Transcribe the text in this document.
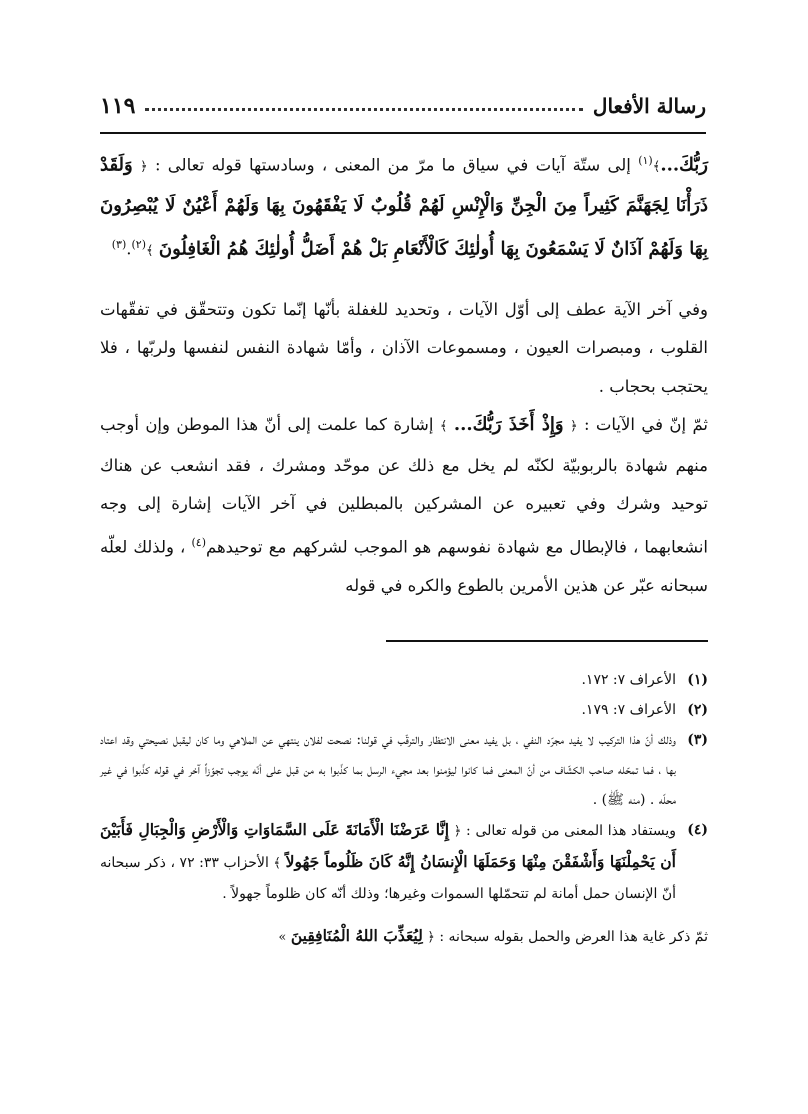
رسالة الأفعال
١١٩

رَبُّكَ...﴾$^{(١)}$ إلى ستّة آيات في سياق ما مرّ من المعنى ، وسادستها قوله تعالى : ﴿ وَلَقَدْ ذَرَأْنَا لِجَهَنَّمَ كَثِيراً مِنَ الْجِنِّ وَالْإِنْسِ لَهُمْ قُلُوبٌ لَا يَفْقَهُونَ بِهَا وَلَهُمْ أَعْيُنٌ لَا يُبْصِرُونَ بِهَا وَلَهُمْ آذَانٌ لَا يَسْمَعُونَ بِهَا أُولٰئِكَ كَالْأَنْعَامِ بَلْ هُمْ أَضَلُّ أُولٰئِكَ هُمُ الْغَافِلُونَ ﴾$^{(٢)}$.$^{(٣)}$

وفي آخر الآية عطف إلى أوّل الآيات ، وتحديد للغفلة بأنّها إنّما تكون وتتحقّق في تفقّهات القلوب ، ومبصرات العيون ، ومسموعات الآذان ، وأمّا شهادة النفس لنفسها ولربّها ، فلا يحتجب بحجاب .

ثمّ إنّ في الآيات : ﴿ وَإِذْ أَخَذَ رَبُّكَ... ﴾ إشارة كما علمت إلى أنّ هذا الموطن وإن أوجب منهم شهادة بالربوبيّة لكنّه لم يخل مع ذلك عن موحّد ومشرك ، فقد انشعب عن هناك توحيد وشرك وفي تعبيره عن المشركين بالمبطلين في آخر الآيات إشارة إلى وجه انشعابهما ، فالإبطال مع شهادة نفوسهم هو الموجب لشركهم مع توحيدهم$^{(٤)}$ ، ولذلك لعلّه سبحانه عبّر عن هذين الأمرين بالطوع والكره في قوله

(١)
الأعراف ٧: ١٧٢.
(٢)
الأعراف ٧: ١٧٩.
(٣)
وذلك أنّ هذا التركيب لا يفيد مجرّد النفي ، بل يفيد معنى الانتظار والترقّب في قولنا: نصحت لفلان ينتهي عن الملاهي وما كان ليقبل نصيحتي وقد اعتاد بها ، فما تمحّله صاحب الكشّاف من أنّ المعنى فما كانوا ليؤمنوا بعد مجيء الرسل بما كذّبوا به من قبل على أنّه يوجب تجوّزاً آخر في قوله كذّبوا في غير محلّه . (منه ﷺ) .
(٤)
ويستفاد هذا المعنى من قوله تعالى : ﴿ إِنَّا عَرَضْنَا الْأَمَانَةَ عَلَى السَّمَاوَاتِ وَالْأَرْضِ وَالْجِبَالِ فَأَبَيْنَ أَن يَحْمِلْنَهَا وَأَشْفَقْنَ مِنْهَا وَحَمَلَهَا الْإِنسَانُ إِنَّهُ كَانَ ظَلُوماً جَهُولاً ﴾ الأحزاب ٣٣: ٧٢ ، ذكر سبحانه أنّ الإنسان حمل أمانة لم تتحمّلها السموات وغيرها؛ وذلك أنّه كان ظلوماً جهولاً .
ثمّ ذكر غاية هذا العرض والحمل بقوله سبحانه : ﴿ لِيُعَذِّبَ اللهُ الْمُنَافِقِينَ »
